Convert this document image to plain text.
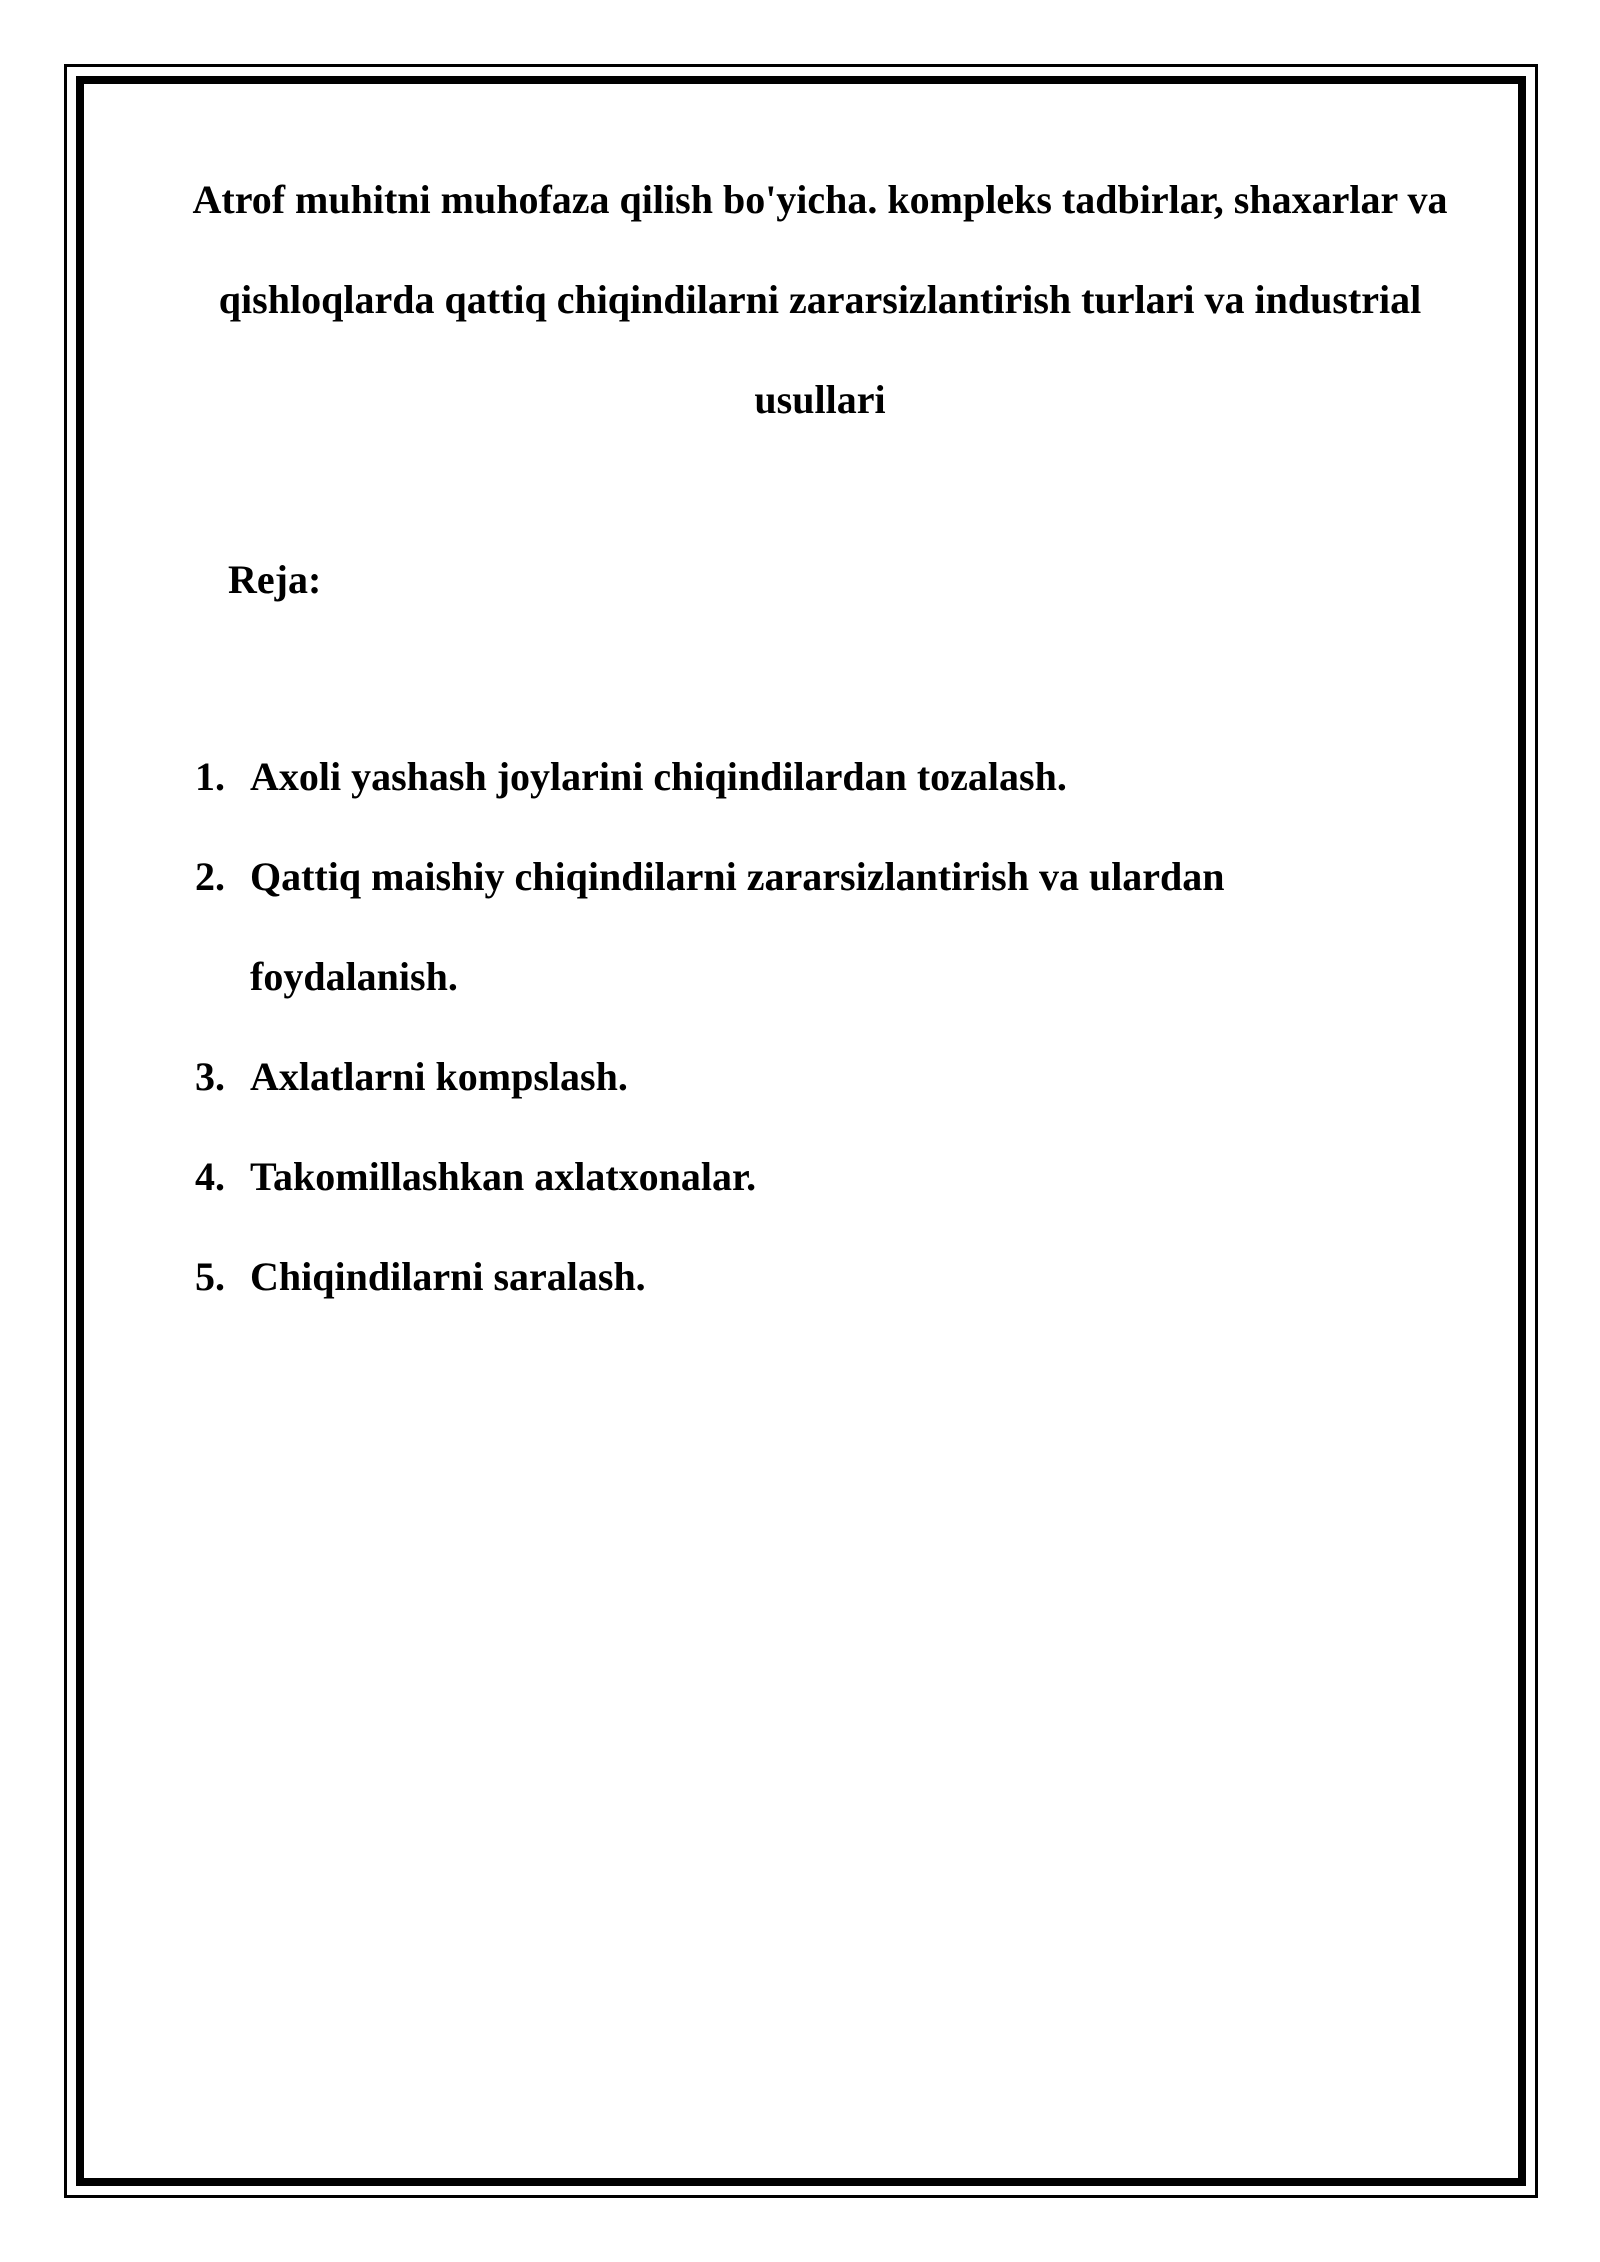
Atrof muhitni muhofaza qilish bo'yicha. kompleks tadbirlar, shaxarlar va qishloqlarda qattiq chiqindilarni zararsizlantirish turlari va industrial usullari

Reja:

1. Axoli yashash joylarini chiqindilardan tozalash.
2. Qattiq maishiy chiqindilarni zararsizlantirish va ulardan foydalanish.
3. Axlatlarni kompslash.
4. Takomillashkan axlatxonalar.
5. Chiqindilarni saralash.
